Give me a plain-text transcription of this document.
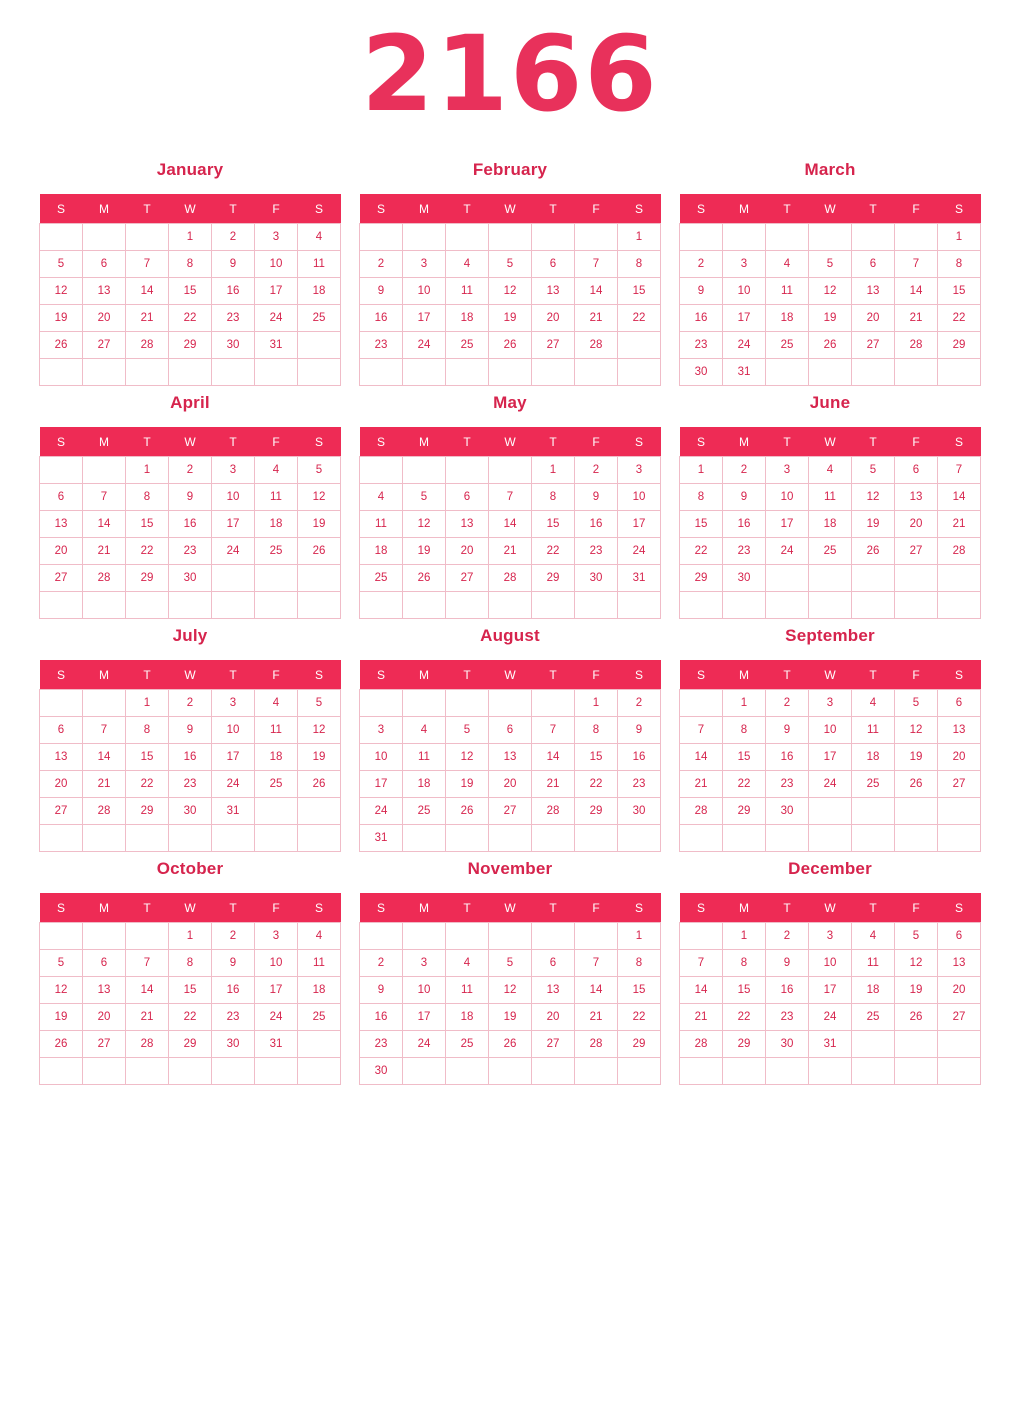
2166
January
S	M	T	W	T	F	S
			1	2	3	4
5	6	7	8	9	10	11
12	13	14	15	16	17	18
19	20	21	22	23	24	25
26	27	28	29	30	31	

February
S	M	T	W	T	F	S
						1
2	3	4	5	6	7	8
9	10	11	12	13	14	15
16	17	18	19	20	21	22
23	24	25	26	27	28	

March
S	M	T	W	T	F	S
						1
2	3	4	5	6	7	8
9	10	11	12	13	14	15
16	17	18	19	20	21	22
23	24	25	26	27	28	29
30	31					
April
S	M	T	W	T	F	S
		1	2	3	4	5
6	7	8	9	10	11	12
13	14	15	16	17	18	19
20	21	22	23	24	25	26
27	28	29	30			

May
S	M	T	W	T	F	S
				1	2	3
4	5	6	7	8	9	10
11	12	13	14	15	16	17
18	19	20	21	22	23	24
25	26	27	28	29	30	31

June
S	M	T	W	T	F	S
1	2	3	4	5	6	7
8	9	10	11	12	13	14
15	16	17	18	19	20	21
22	23	24	25	26	27	28
29	30					

July
S	M	T	W	T	F	S
		1	2	3	4	5
6	7	8	9	10	11	12
13	14	15	16	17	18	19
20	21	22	23	24	25	26
27	28	29	30	31		

August
S	M	T	W	T	F	S
					1	2
3	4	5	6	7	8	9
10	11	12	13	14	15	16
17	18	19	20	21	22	23
24	25	26	27	28	29	30
31						
September
S	M	T	W	T	F	S
	1	2	3	4	5	6
7	8	9	10	11	12	13
14	15	16	17	18	19	20
21	22	23	24	25	26	27
28	29	30				

October
S	M	T	W	T	F	S
			1	2	3	4
5	6	7	8	9	10	11
12	13	14	15	16	17	18
19	20	21	22	23	24	25
26	27	28	29	30	31	

November
S	M	T	W	T	F	S
						1
2	3	4	5	6	7	8
9	10	11	12	13	14	15
16	17	18	19	20	21	22
23	24	25	26	27	28	29
30						
December
S	M	T	W	T	F	S
	1	2	3	4	5	6
7	8	9	10	11	12	13
14	15	16	17	18	19	20
21	22	23	24	25	26	27
28	29	30	31			
